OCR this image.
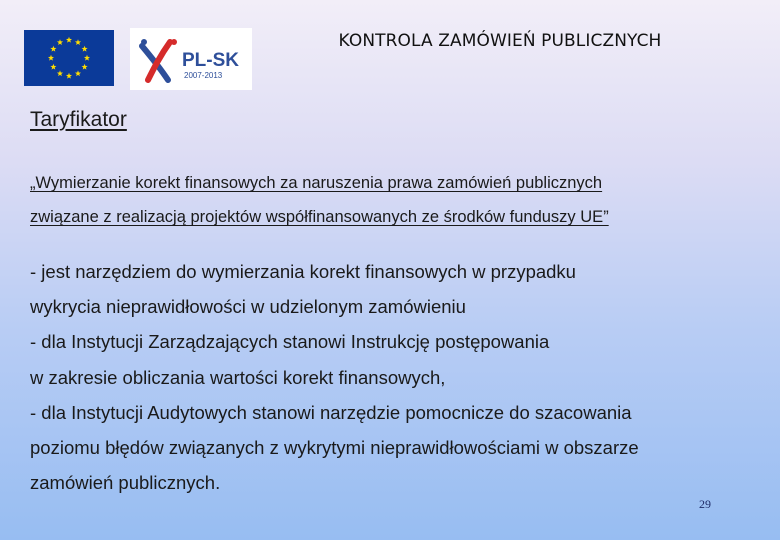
PL-SK
2007-2013
KONTROLA ZAMÓWIEŃ PUBLICZNYCH
Taryfikator

„Wymierzanie korekt finansowych za naruszenia prawa zamówień publicznych
związane z realizacją projektów współfinansowanych ze środków funduszy UE”

- jest narzędziem do wymierzania korekt finansowych w przypadku
wykrycia nieprawidłowości w udzielonym zamówieniu
- dla Instytucji Zarządzających stanowi Instrukcję postępowania
w zakresie obliczania wartości korekt finansowych,
- dla Instytucji Audytowych stanowi narzędzie pomocnicze do szacowania
poziomu błędów związanych z wykrytymi nieprawidłowościami w obszarze
zamówień publicznych.

29
